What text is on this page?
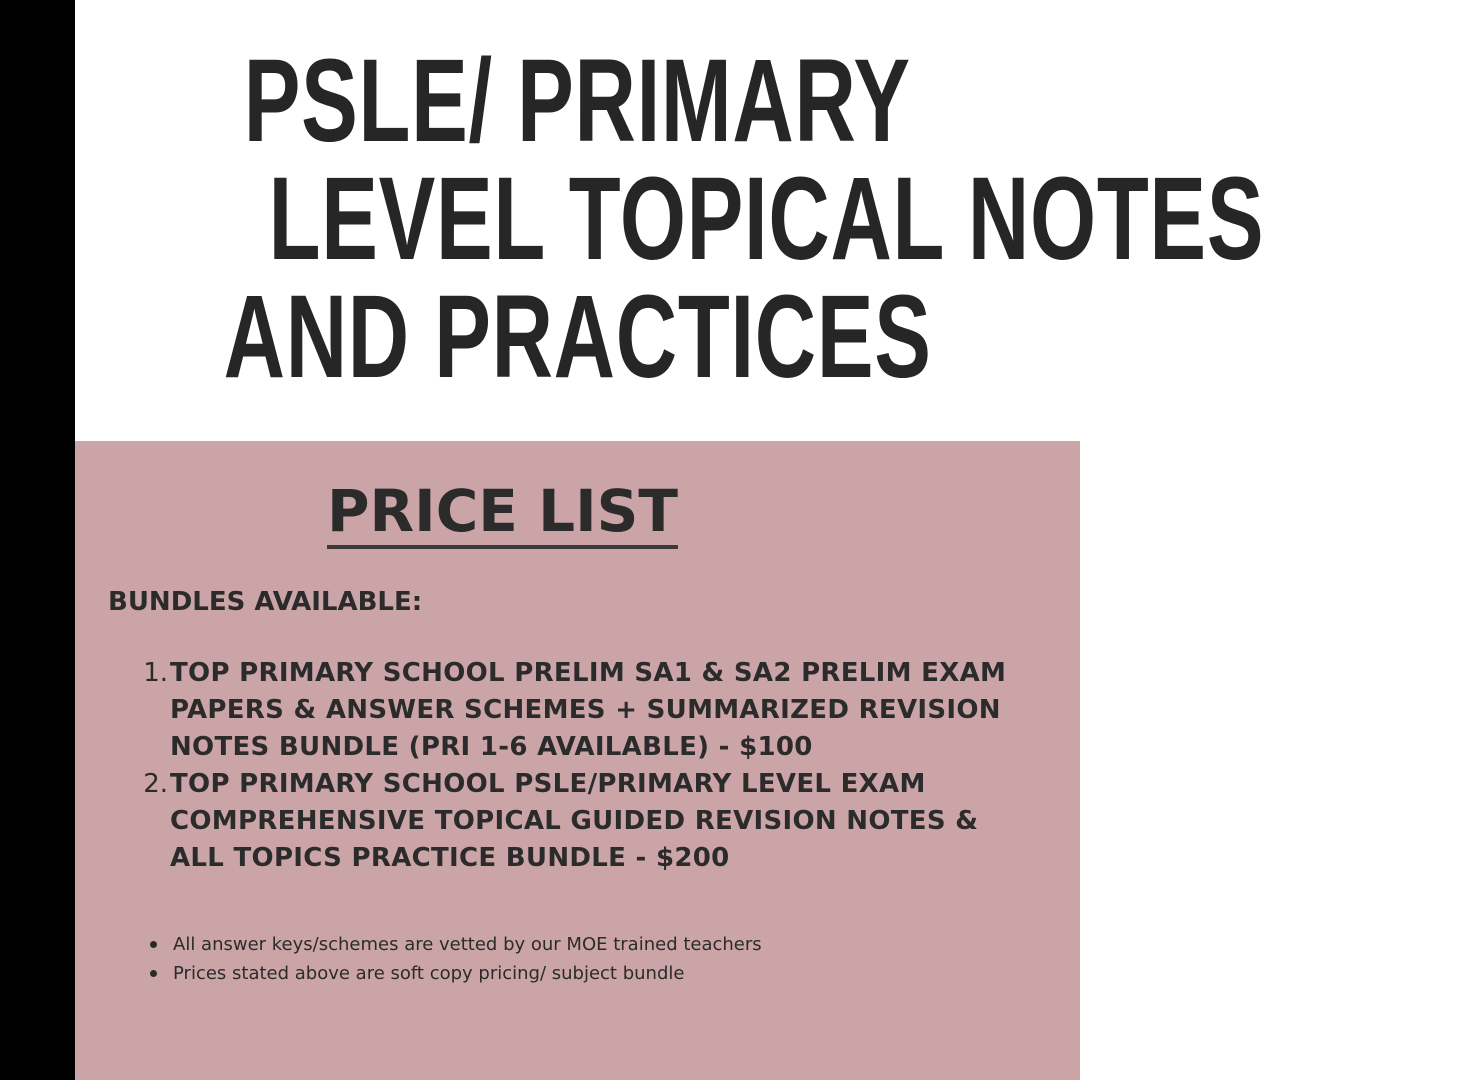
PSLE/ PRIMARY
LEVEL TOPICAL NOTES
AND PRACTICES
PRICE LIST

BUNDLES AVAILABLE:

1. TOP PRIMARY SCHOOL PRELIM SA1 & SA2 PRELIM EXAM PAPERS & ANSWER SCHEMES + SUMMARIZED REVISION NOTES BUNDLE (PRI 1-6 AVAILABLE) - $100
2. TOP PRIMARY SCHOOL PSLE/PRIMARY LEVEL EXAM COMPREHENSIVE TOPICAL GUIDED REVISION NOTES & ALL TOPICS PRACTICE BUNDLE - $200
All answer keys/schemes are vetted by our MOE trained teachers
Prices stated above are soft copy pricing/ subject bundle
